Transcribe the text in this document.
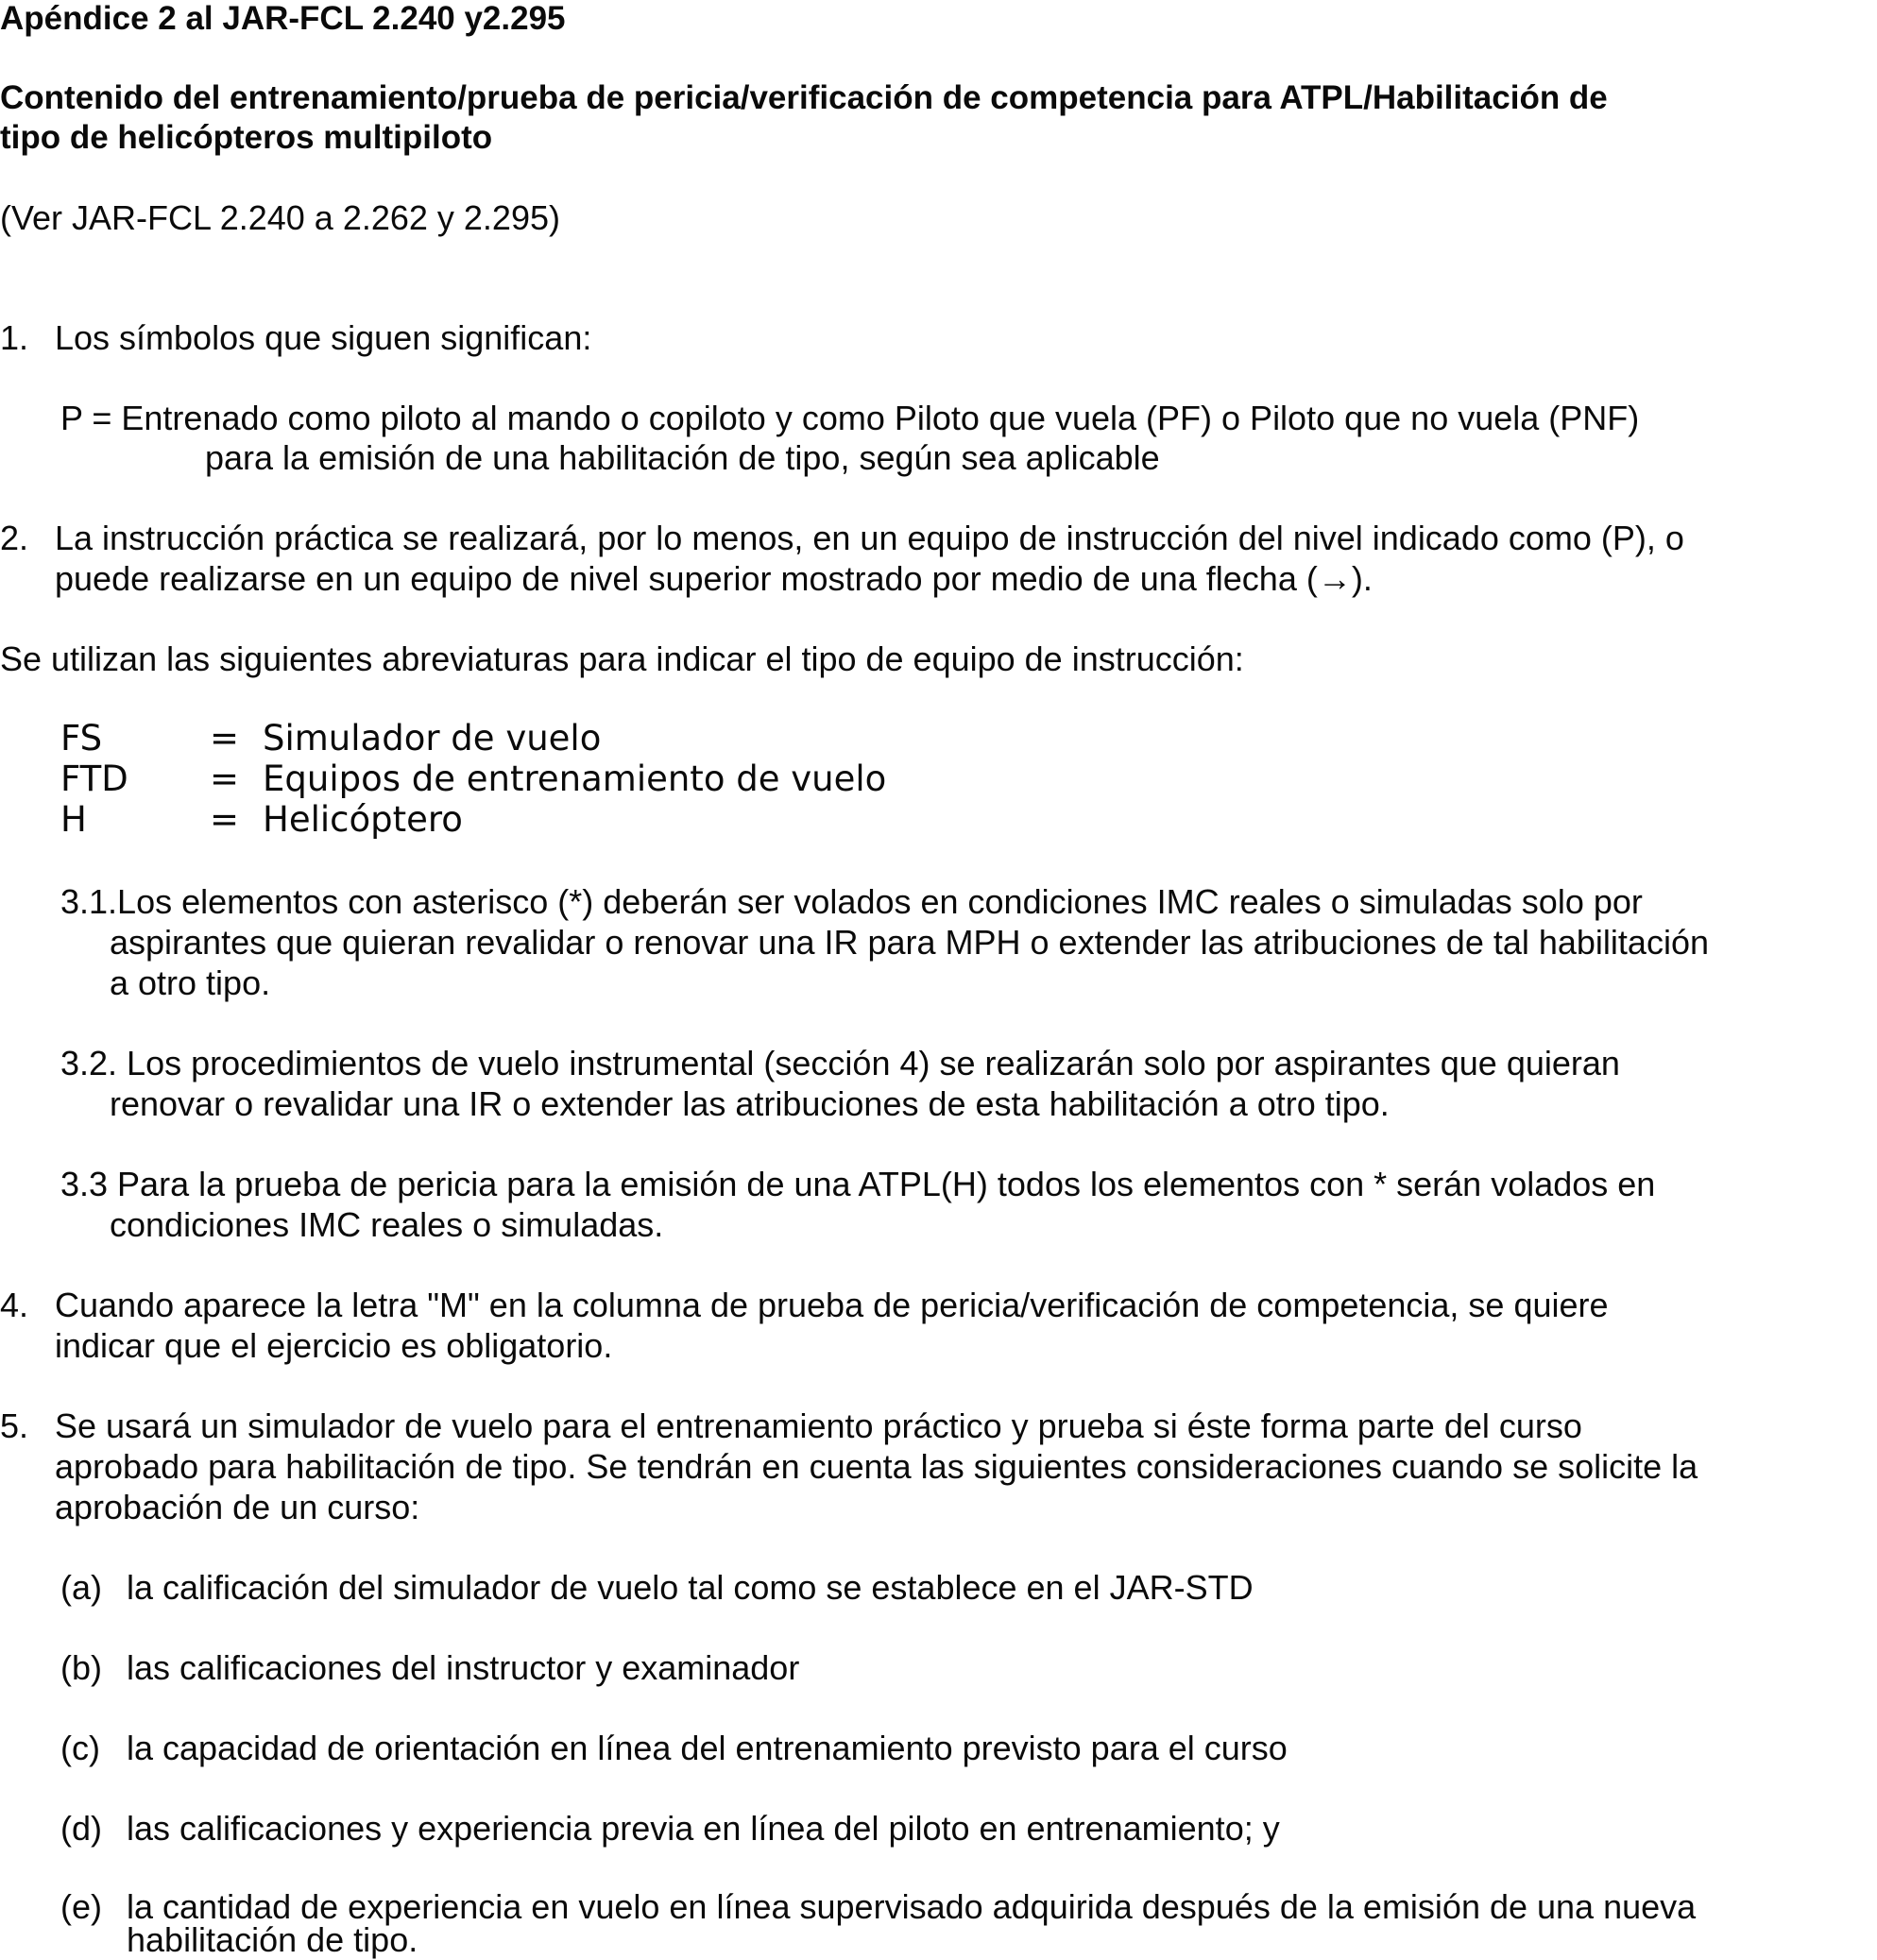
Apéndice 2 al JAR-FCL 2.240 y2.295
Contenido del entrenamiento/prueba de pericia/verificación de competencia para ATPL/Habilitación de
tipo de helicópteros multipiloto
(Ver JAR-FCL 2.240 a 2.262 y 2.295)
1. Los símbolos que siguen significan:
P = Entrenado como piloto al mando o copiloto y como Piloto que vuela (PF) o Piloto que no vuela (PNF)
para la emisión de una habilitación de tipo, según sea aplicable
2. La instrucción práctica se realizará, por lo menos, en un equipo de instrucción del nivel indicado como (P), o
puede realizarse en un equipo de nivel superior mostrado por medio de una flecha (→).
Se utilizan las siguientes abreviaturas para indicar el tipo de equipo de instrucción:
FS	= Simulador de vuelo
FTD = Equipos de entrenamiento de vuelo
H	= Helicóptero
3.1.Los elementos con asterisco (*) deberán ser volados en condiciones IMC reales o simuladas solo por
aspirantes que quieran revalidar o renovar una IR para MPH o extender las atribuciones de tal habilitación
a otro tipo.
3.2. Los procedimientos de vuelo instrumental (sección 4) se realizarán solo por aspirantes que quieran
renovar o revalidar una IR o extender las atribuciones de esta habilitación a otro tipo.
3.3 Para la prueba de pericia para la emisión de una ATPL(H) todos los elementos con * serán volados en
condiciones IMC reales o simuladas.
4. Cuando aparece la letra "M" en la columna de prueba de pericia/verificación de competencia, se quiere
indicar que el ejercicio es obligatorio.
5. Se usará un simulador de vuelo para el entrenamiento práctico y prueba si éste forma parte del curso
aprobado para habilitación de tipo. Se tendrán en cuenta las siguientes consideraciones cuando se solicite la
aprobación de un curso:
(a) la calificación del simulador de vuelo tal como se establece en el JAR-STD
(b) las calificaciones del instructor y examinador
(c) la capacidad de orientación en línea del entrenamiento previsto para el curso
(d) las calificaciones y experiencia previa en línea del piloto en entrenamiento; y
(e) la cantidad de experiencia en vuelo en línea supervisado adquirida después de la emisión de una nueva
habilitación de tipo.
